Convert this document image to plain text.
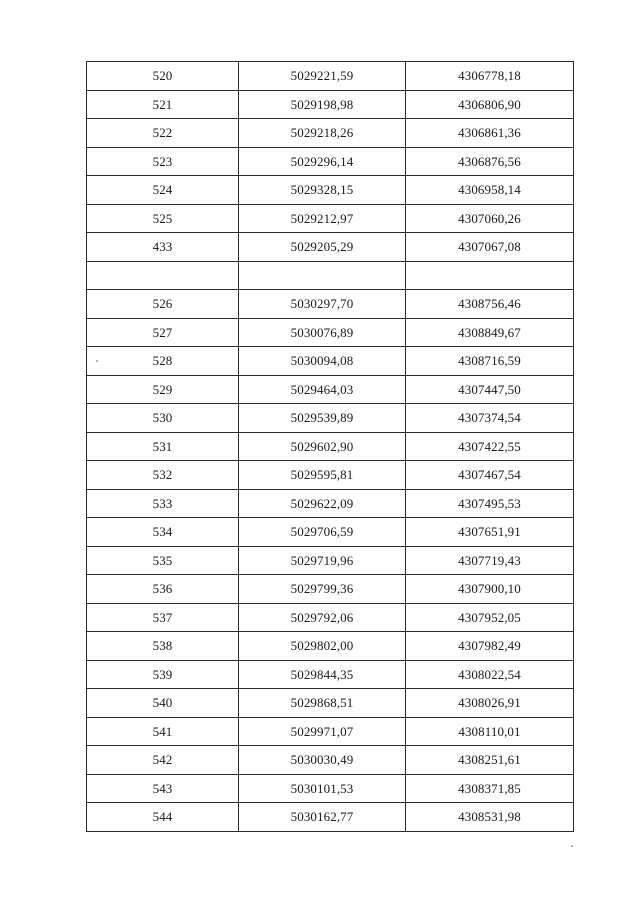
520	5029221,59	4306778,18
521	5029198,98	4306806,90
522	5029218,26	4306861,36
523	5029296,14	4306876,56
524	5029328,15	4306958,14
525	5029212,97	4307060,26
433	5029205,29	4307067,08

526	5030297,70	4308756,46
527	5030076,89	4308849,67
528	5030094,08	4308716,59
529	5029464,03	4307447,50
530	5029539,89	4307374,54
531	5029602,90	4307422,55
532	5029595,81	4307467,54
533	5029622,09	4307495,53
534	5029706,59	4307651,91
535	5029719,96	4307719,43
536	5029799,36	4307900,10
537	5029792,06	4307952,05
538	5029802,00	4307982,49
539	5029844,35	4308022,54
540	5029868,51	4308026,91
541	5029971,07	4308110,01
542	5030030,49	4308251,61
543	5030101,53	4308371,85
544	5030162,77	4308531,98
